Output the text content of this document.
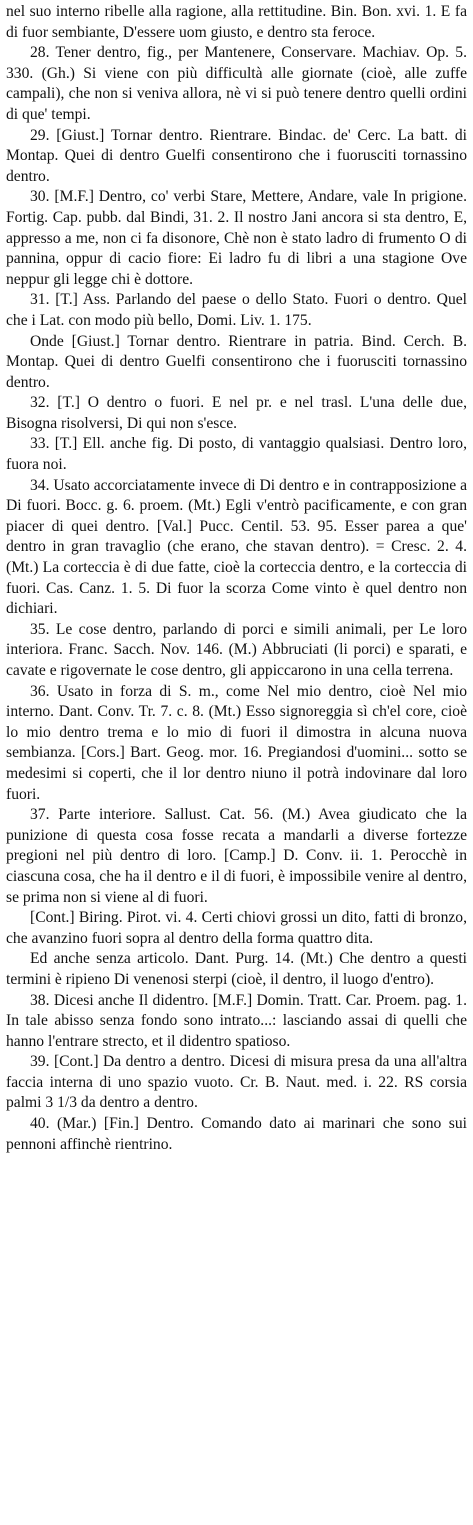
nel suo interno ribelle alla ragione, alla rettitudine. Bin. Bon. xvi. 1. E fa di fuor sembiante, D'essere uom giusto, e dentro sta feroce.

28. Tener dentro, fig., per Mantenere, Conservare. Machiav. Op. 5. 330. (Gh.) Si viene con più difficultà alle giornate (cioè, alle zuffe campali), che non si veniva allora, nè vi si può tenere dentro quelli ordini di que' tempi.

29. [Giust.] Tornar dentro. Rientrare. Bindac. de' Cerc. La batt. di Montap. Quei di dentro Guelfi consentirono che i fuorusciti tornassino dentro.

30. [M.F.] Dentro, co' verbi Stare, Mettere, Andare, vale In prigione. Fortig. Cap. pubb. dal Bindi, 31. 2. Il nostro Jani ancora si sta dentro, E, appresso a me, non ci fa disonore, Chè non è stato ladro di frumento O di pannina, oppur di cacio fiore: Ei ladro fu di libri a una stagione Ove neppur gli legge chi è dottore.

31. [T.] Ass. Parlando del paese o dello Stato. Fuori o dentro. Quel che i Lat. con modo più bello, Domi. Liv. 1. 175.

Onde [Giust.] Tornar dentro. Rientrare in patria. Bind. Cerch. B. Montap. Quei di dentro Guelfi consentirono che i fuorusciti tornassino dentro.

32. [T.] O dentro o fuori. E nel pr. e nel trasl. L'una delle due, Bisogna risolversi, Di qui non s'esce.

33. [T.] Ell. anche fig. Di posto, di vantaggio qualsiasi. Dentro loro, fuora noi.

34. Usato accorciatamente invece di Di dentro e in contrapposizione a Di fuori. Bocc. g. 6. proem. (Mt.) Egli v'entrò pacificamente, e con gran piacer di quei dentro. [Val.] Pucc. Centil. 53. 95. Esser parea a que' dentro in gran travaglio (che erano, che stavan dentro). = Cresc. 2. 4. (Mt.) La corteccia è di due fatte, cioè la corteccia dentro, e la corteccia di fuori. Cas. Canz. 1. 5. Di fuor la scorza Come vinto è quel dentro non dichiari.

35. Le cose dentro, parlando di porci e simili animali, per Le loro interiora. Franc. Sacch. Nov. 146. (M.) Abbruciati (li porci) e sparati, e cavate e rigovernate le cose dentro, gli appiccarono in una cella terrena.

36. Usato in forza di S. m., come Nel mio dentro, cioè Nel mio interno. Dant. Conv. Tr. 7. c. 8. (Mt.) Esso signoreggia sì ch'el core, cioè lo mio dentro trema e lo mio di fuori il dimostra in alcuna nuova sembianza. [Cors.] Bart. Geog. mor. 16. Pregiandosi d'uomini... sotto se medesimi si coperti, che il lor dentro niuno il potrà indovinare dal loro fuori.

37. Parte interiore. Sallust. Cat. 56. (M.) Avea giudicato che la punizione di questa cosa fosse recata a mandarli a diverse fortezze pregioni nel più dentro di loro. [Camp.] D. Conv. ii. 1. Perocchè in ciascuna cosa, che ha il dentro e il di fuori, è impossibile venire al dentro, se prima non si viene al di fuori.

[Cont.] Biring. Pirot. vi. 4. Certi chiovi grossi un dito, fatti di bronzo, che avanzino fuori sopra al dentro della forma quattro dita.

Ed anche senza articolo. Dant. Purg. 14. (Mt.) Che dentro a questi termini è ripieno Di venenosi sterpi (cioè, il dentro, il luogo d'entro).

38. Dicesi anche Il didentro. [M.F.] Domin. Tratt. Car. Proem. pag. 1. In tale abisso senza fondo sono intrato...: lasciando assai di quelli che hanno l'entrare strecto, et il didentro spatioso.

39. [Cont.] Da dentro a dentro. Dicesi di misura presa da una all'altra faccia interna di uno spazio vuoto. Cr. B. Naut. med. i. 22. RS corsia palmi 3 1/3 da dentro a dentro.

40. (Mar.) [Fin.] Dentro. Comando dato ai marinari che sono sui pennoni affinchè rientrino.
